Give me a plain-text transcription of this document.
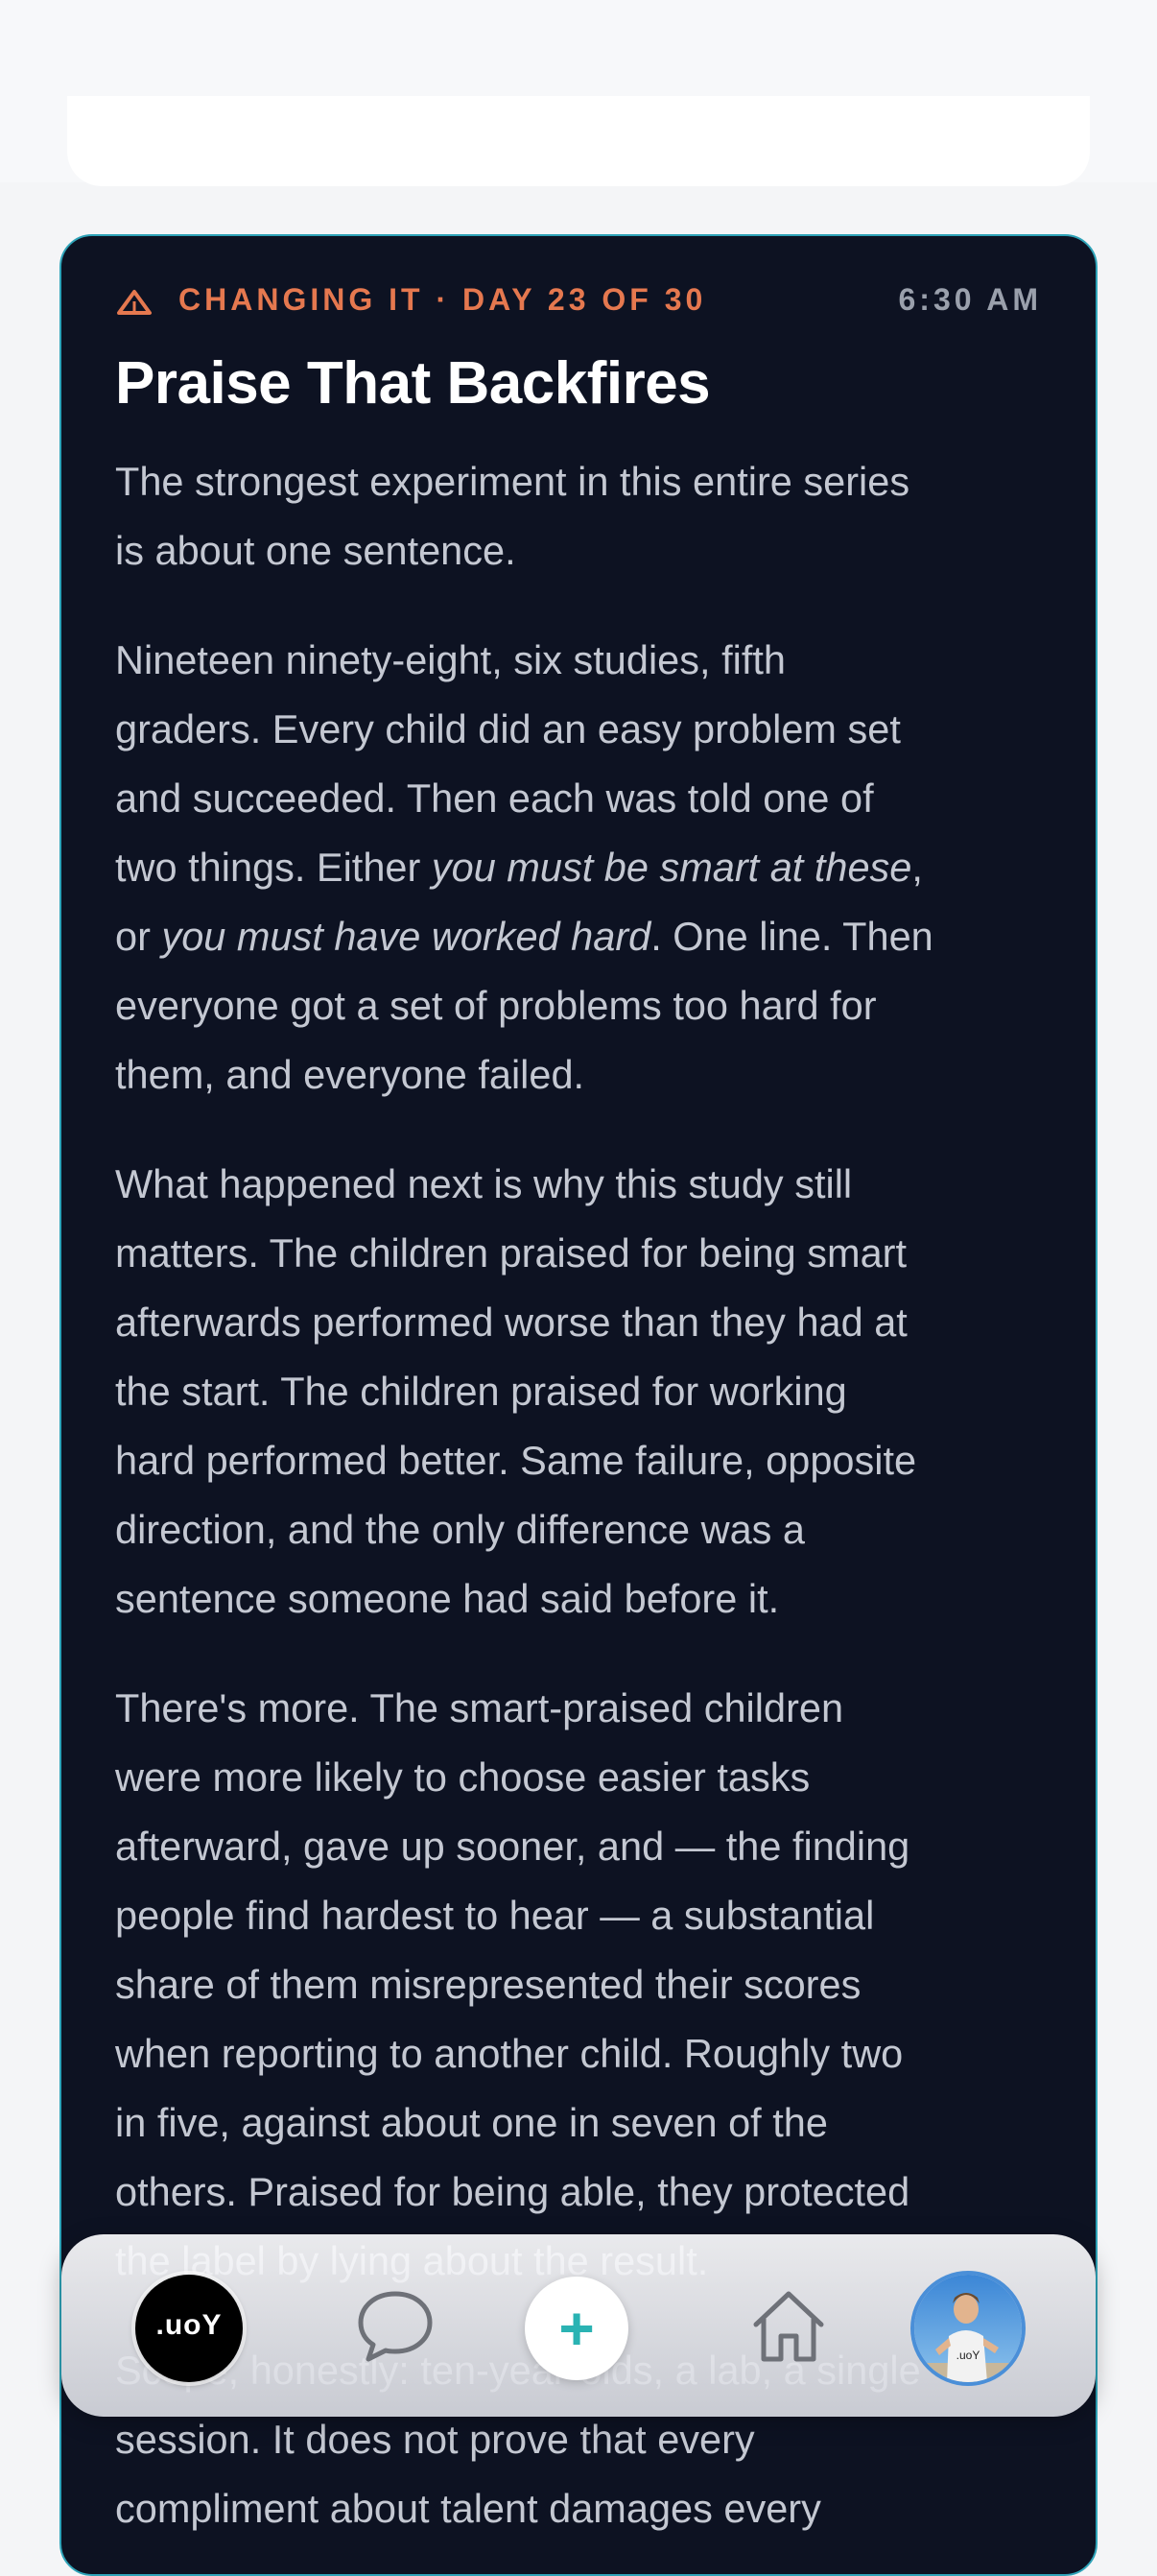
CHANGING IT · DAY 23 OF 30	6:30 AM
Praise That Backfires

The strongest experiment in this entire series
is about one sentence.

Nineteen ninety-eight, six studies, fifth
graders. Every child did an easy problem set
and succeeded. Then each was told one of
two things. Either you must be smart at these,
or you must have worked hard. One line. Then
everyone got a set of problems too hard for
them, and everyone failed.

What happened next is why this study still
matters. The children praised for being smart
afterwards performed worse than they had at
the start. The children praised for working
hard performed better. Same failure, opposite
direction, and the only difference was a
sentence someone had said before it.

There's more. The smart-praised children
were more likely to choose easier tasks
afterward, gave up sooner, and — the finding
people find hardest to hear — a substantial
share of them misrepresented their scores
when reporting to another child. Roughly two
in five, against about one in seven of the
others. Praised for being able, they protected

session. It does not prove that every
compliment about talent damages every

.uoY	+	.uoY
